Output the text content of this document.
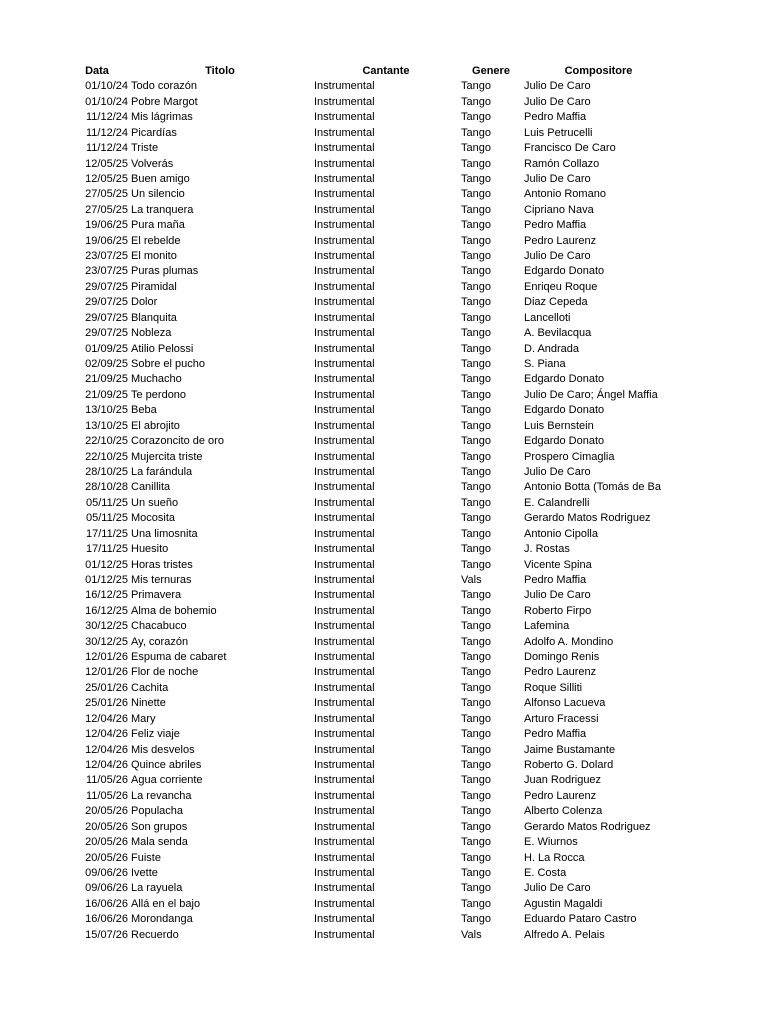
Data	Titolo	Cantante	Genere	Compositore
01/10/24 Todo corazón	Instrumental	Tango	Julio De Caro
01/10/24 Pobre Margot	Instrumental	Tango	Julio De Caro
11/12/24 Mis lágrimas	Instrumental	Tango	Pedro Maffia
11/12/24 Picardías	Instrumental	Tango	Luis Petrucelli
11/12/24 Triste	Instrumental	Tango	Francisco De Caro
12/05/25 Volverás	Instrumental	Tango	Ramón Collazo
12/05/25 Buen amigo	Instrumental	Tango	Julio De Caro
27/05/25 Un silencio	Instrumental	Tango	Antonio Romano
27/05/25 La tranquera	Instrumental	Tango	Cipriano Nava
19/06/25 Pura maña	Instrumental	Tango	Pedro Maffia
19/06/25 El rebelde	Instrumental	Tango	Pedro Laurenz
23/07/25 El monito	Instrumental	Tango	Julio De Caro
23/07/25 Puras plumas	Instrumental	Tango	Edgardo Donato
29/07/25 Piramidal	Instrumental	Tango	Enriqeu Roque
29/07/25 Dolor	Instrumental	Tango	Diaz Cepeda
29/07/25 Blanquita	Instrumental	Tango	Lancelloti
29/07/25 Nobleza	Instrumental	Tango	A. Bevilacqua
01/09/25 Atilio Pelossi	Instrumental	Tango	D. Andrada
02/09/25 Sobre el pucho	Instrumental	Tango	S. Piana
21/09/25 Muchacho	Instrumental	Tango	Edgardo Donato
21/09/25 Te perdono	Instrumental	Tango	Julio De Caro; Ángel Maffia
13/10/25 Beba	Instrumental	Tango	Edgardo Donato
13/10/25 El abrojito	Instrumental	Tango	Luis Bernstein
22/10/25 Corazoncito de oro	Instrumental	Tango	Edgardo Donato
22/10/25 Mujercita triste	Instrumental	Tango	Prospero Cimaglia
28/10/25 La farándula	Instrumental	Tango	Julio De Caro
28/10/28 Canillita	Instrumental	Tango	Antonio Botta (Tomás de Ba
05/11/25 Un sueño	Instrumental	Tango	E. Calandrelli
05/11/25 Mocosita	Instrumental	Tango	Gerardo Matos Rodriguez
17/11/25 Una limosnita	Instrumental	Tango	Antonio Cipolla
17/11/25 Huesito	Instrumental	Tango	J. Rostas
01/12/25 Horas tristes	Instrumental	Tango	Vicente Spina
01/12/25 Mis ternuras	Instrumental	Vals	Pedro Maffia
16/12/25 Primavera	Instrumental	Tango	Julio De Caro
16/12/25 Alma de bohemio	Instrumental	Tango	Roberto Firpo
30/12/25 Chacabuco	Instrumental	Tango	Lafemina
30/12/25 Ay, corazón	Instrumental	Tango	Adolfo A. Mondino
12/01/26 Espuma de cabaret	Instrumental	Tango	Domingo Renis
12/01/26 Flor de noche	Instrumental	Tango	Pedro Laurenz
25/01/26 Cachita	Instrumental	Tango	Roque Silliti
25/01/26 Ninette	Instrumental	Tango	Alfonso Lacueva
12/04/26 Mary	Instrumental	Tango	Arturo Fracessi
12/04/26 Feliz viaje	Instrumental	Tango	Pedro Maffia
12/04/26 Mis desvelos	Instrumental	Tango	Jaime Bustamante
12/04/26 Quince abriles	Instrumental	Tango	Roberto G. Dolard
11/05/26 Agua corriente	Instrumental	Tango	Juan Rodriguez
11/05/26 La revancha	Instrumental	Tango	Pedro Laurenz
20/05/26 Populacha	Instrumental	Tango	Alberto Colenza
20/05/26 Son grupos	Instrumental	Tango	Gerardo Matos Rodriguez
20/05/26 Mala senda	Instrumental	Tango	E. Wiurnos
20/05/26 Fuiste	Instrumental	Tango	H. La Rocca
09/06/26 Ivette	Instrumental	Tango	E. Costa
09/06/26 La rayuela	Instrumental	Tango	Julio De Caro
16/06/26 Allá en el bajo	Instrumental	Tango	Agustin Magaldi
16/06/26 Morondanga	Instrumental	Tango	Eduardo Pataro Castro
15/07/26 Recuerdo	Instrumental	Vals	Alfredo A. Pelais
